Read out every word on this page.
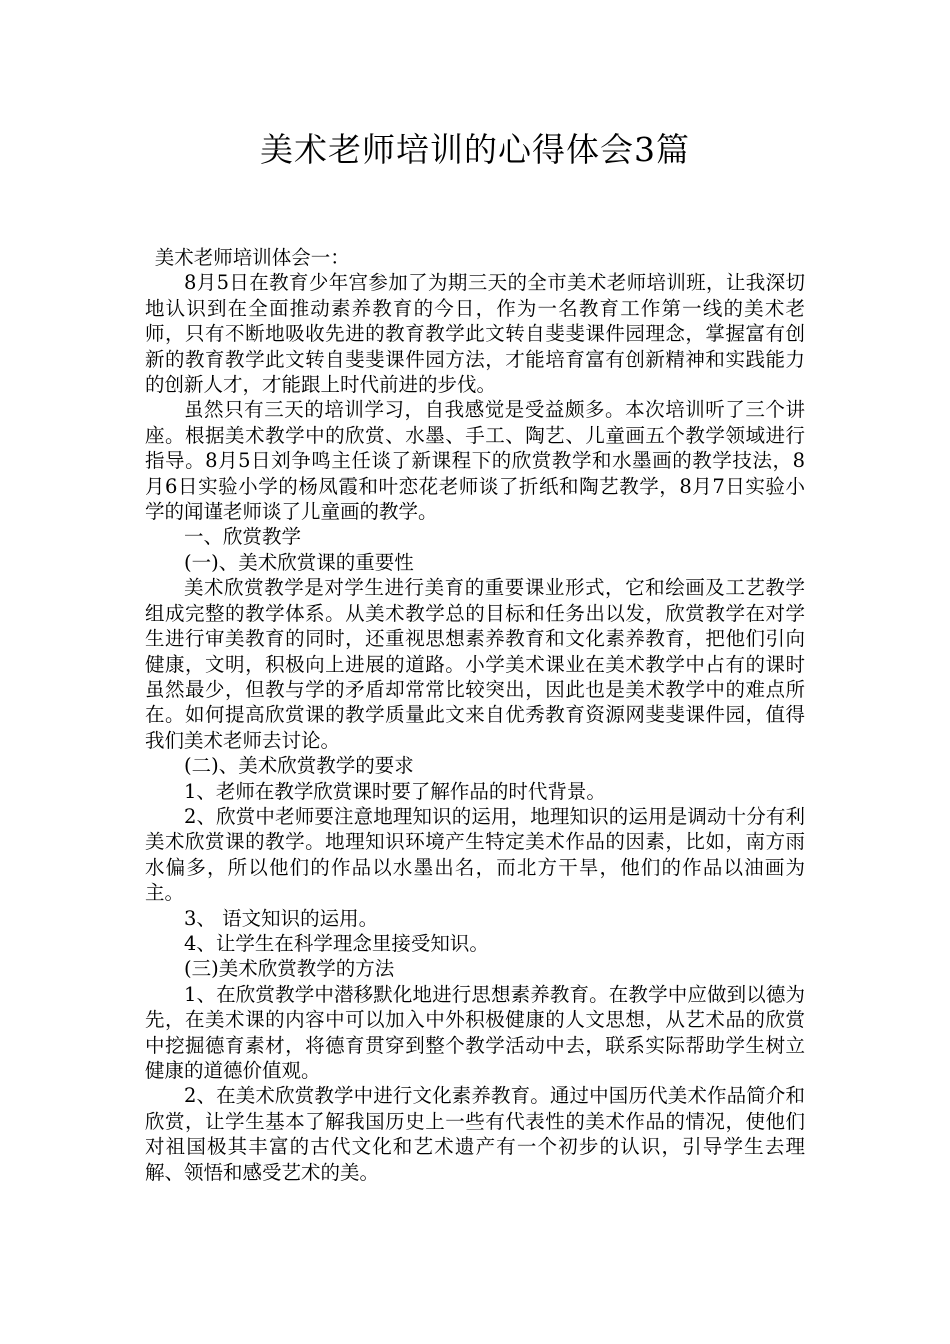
美术老师培训的心得体会3篇

美术老师培训体会一：

8月5日在教育少年宫参加了为期三天的全市美术老师培训班，让我深切地认识到在全面推动素养教育的今日，作为一名教育工作第一线的美术老师，只有不断地吸收先进的教育教学此文转自斐斐课件园理念，掌握富有创新的教育教学此文转自斐斐课件园方法，才能培育富有创新精神和实践能力的创新人才，才能跟上时代前进的步伐。

虽然只有三天的培训学习，自我感觉是受益颇多。本次培训听了三个讲座。根据美术教学中的欣赏、水墨、手工、陶艺、儿童画五个教学领域进行指导。8月5日刘争鸣主任谈了新课程下的欣赏教学和水墨画的教学技法，8月6日实验小学的杨凤霞和叶恋花老师谈了折纸和陶艺教学，8月7日实验小学的闻谨老师谈了儿童画的教学。

一、欣赏教学

(一)、美术欣赏课的重要性

美术欣赏教学是对学生进行美育的重要课业形式，它和绘画及工艺教学组成完整的教学体系。从美术教学总的目标和任务出以发，欣赏教学在对学生进行审美教育的同时，还重视思想素养教育和文化素养教育，把他们引向健康，文明，积极向上进展的道路。小学美术课业在美术教学中占有的课时虽然最少，但教与学的矛盾却常常比较突出，因此也是美术教学中的难点所在。如何提高欣赏课的教学质量此文来自优秀教育资源网斐斐课件园，值得我们美术老师去讨论。

(二)、美术欣赏教学的要求

1、老师在教学欣赏课时要了解作品的时代背景。

2、欣赏中老师要注意地理知识的运用，地理知识的运用是调动十分有利美术欣赏课的教学。地理知识环境产生特定美术作品的因素，比如，南方雨水偏多，所以他们的作品以水墨出名，而北方干旱，他们的作品以油画为主。

3、 语文知识的运用。

4、让学生在科学理念里接受知识。

(三)美术欣赏教学的方法

1、在欣赏教学中潜移默化地进行思想素养教育。在教学中应做到以德为先，在美术课的内容中可以加入中外积极健康的人文思想，从艺术品的欣赏中挖掘德育素材，将德育贯穿到整个教学活动中去，联系实际帮助学生树立健康的道德价值观。

2、在美术欣赏教学中进行文化素养教育。通过中国历代美术作品简介和欣赏，让学生基本了解我国历史上一些有代表性的美术作品的情况，使他们对祖国极其丰富的古代文化和艺术遗产有一个初步的认识，引导学生去理解、领悟和感受艺术的美。
